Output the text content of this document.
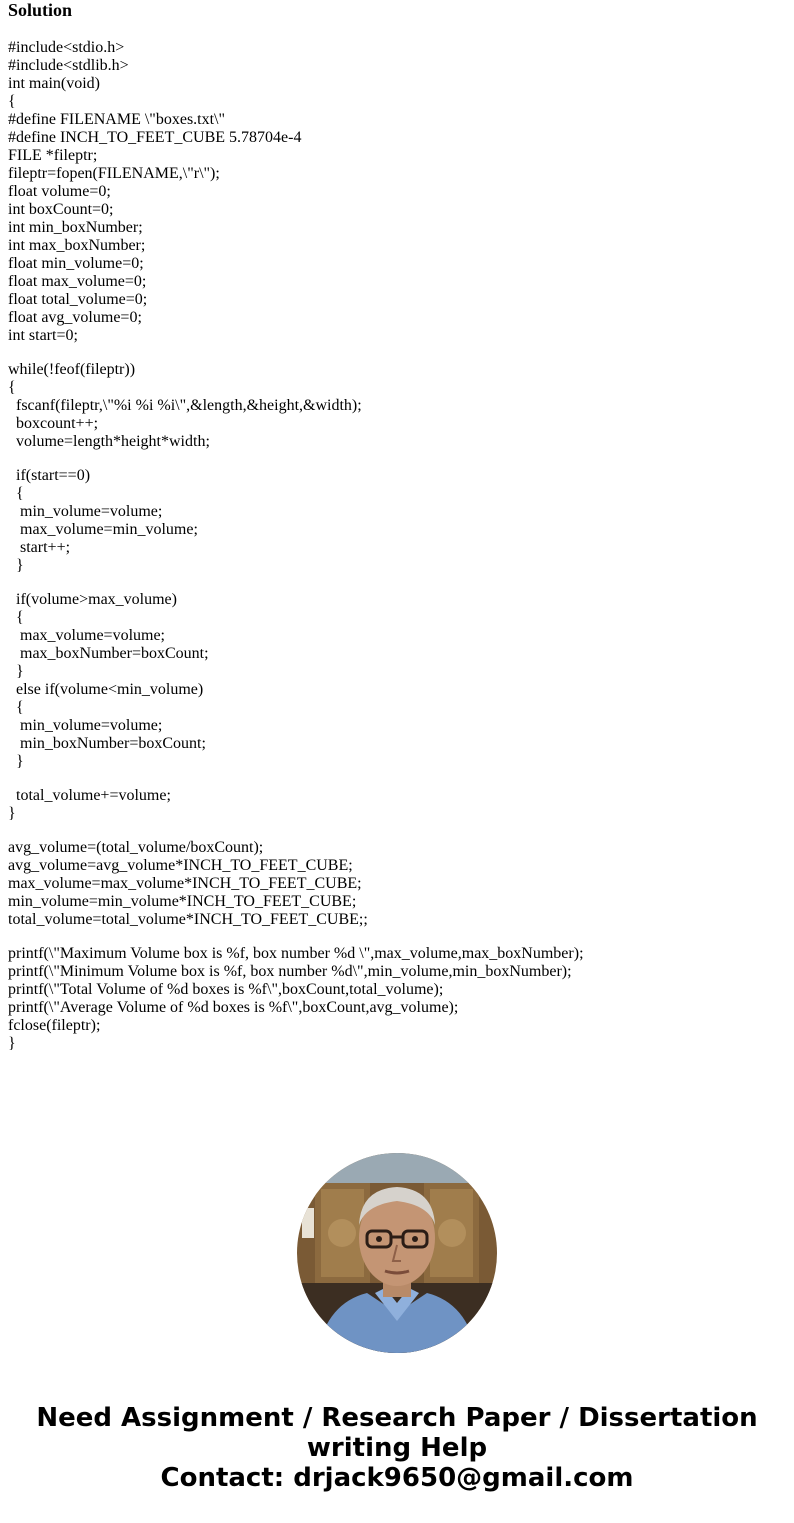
Solution
#include<stdio.h>
#include<stdlib.h>
int main(void)
{
#define FILENAME \"boxes.txt\"
#define INCH_TO_FEET_CUBE 5.78704e-4
FILE *fileptr;
fileptr=fopen(FILENAME,\"r\");
float volume=0;
int boxCount=0;
int min_boxNumber;
int max_boxNumber;
float min_volume=0;
float max_volume=0;
float total_volume=0;
float avg_volume=0;
int start=0;
while(!feof(fileptr))
{
fscanf(fileptr,\"%i %i %i\",&length,&height,&width);
boxcount++;
volume=length*height*width;
if(start==0)
{
min_volume=volume;
max_volume=min_volume;
start++;
}
if(volume>max_volume)
{
max_volume=volume;
max_boxNumber=boxCount;
}
else if(volume<min_volume)
{
min_volume=volume;
min_boxNumber=boxCount;
}
total_volume+=volume;
}
avg_volume=(total_volume/boxCount);
avg_volume=avg_volume*INCH_TO_FEET_CUBE;
max_volume=max_volume*INCH_TO_FEET_CUBE;
min_volume=min_volume*INCH_TO_FEET_CUBE;
total_volume=total_volume*INCH_TO_FEET_CUBE;;
printf(\"Maximum Volume box is %f, box number %d \",max_volume,max_boxNumber);
printf(\"Minimum Volume box is %f, box number %d\",min_volume,min_boxNumber);
printf(\"Total Volume of %d boxes is %f\",boxCount,total_volume);
printf(\"Average Volume of %d boxes is %f\",boxCount,avg_volume);
fclose(fileptr);
}
Need Assignment / Research Paper / Dissertation
writing Help
Contact: drjack9650@gmail.com
